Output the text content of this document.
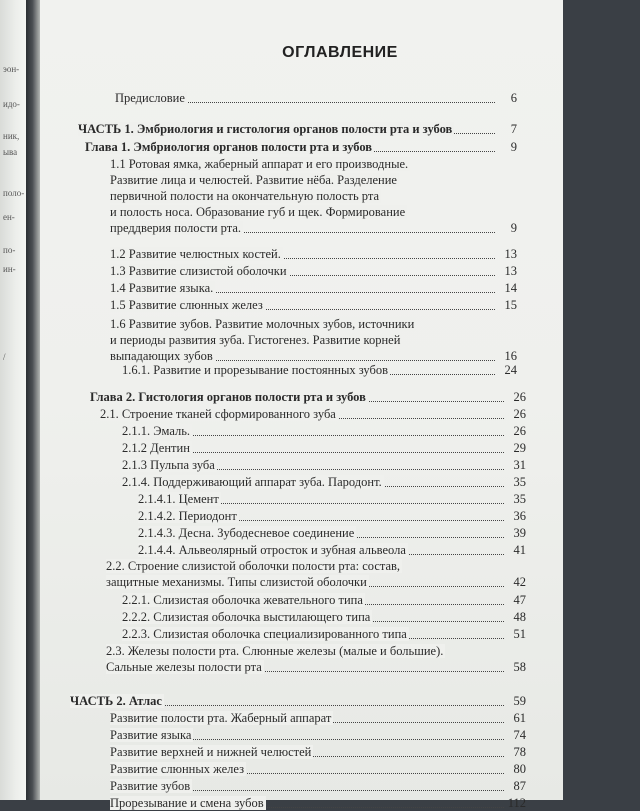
эон-
идо-
ник,
ыва
поло-
ен-
по-
ин-
/
ОГЛАВЛЕНИЕ
Предисловие	6
ЧАСТЬ 1. Эмбриология и гистология органов полости рта и зубов	7
Глава 1. Эмбриология органов полости рта и зубов	9
1.1 Ротовая ямка, жаберный аппарат и его производные.
Развитие лица и челюстей. Развитие нёба. Разделение
первичной полости на окончательную полость рта
и полость носа. Образование губ и щек. Формирование
преддверия полости рта.	9
1.2 Развитие челюстных костей.	13
1.3 Развитие слизистой оболочки	13
1.4 Развитие языка.	14
1.5 Развитие слюнных желез	15
1.6 Развитие зубов. Развитие молочных зубов, источники
и периоды развития зуба. Гистогенез. Развитие корней
выпадающих зубов	16
1.6.1. Развитие и прорезывание постоянных зубов	24
Глава 2. Гистология органов полости рта и зубов	26
2.1. Строение тканей сформированного зуба	26
2.1.1. Эмаль.	26
2.1.2 Дентин	29
2.1.3 Пульпа зуба	31
2.1.4. Поддерживающий аппарат зуба. Пародонт.	35
2.1.4.1. Цемент	35
2.1.4.2. Периодонт	36
2.1.4.3. Десна. Зубодесневое соединение	39
2.1.4.4. Альвеолярный отросток и зубная альвеола	41
2.2. Строение слизистой оболочки полости рта: состав,
защитные механизмы. Типы слизистой оболочки	42
2.2.1. Слизистая оболочка жевательного типа	47
2.2.2. Слизистая оболочка выстилающего типа	48
2.2.3. Слизистая оболочка специализированного типа	51
2.3. Железы полости рта. Слюнные железы (малые и большие).
Сальные железы полости рта	58
ЧАСТЬ 2. Атлас	59
Развитие полости рта. Жаберный аппарат	61
Развитие языка	74
Развитие верхней и нижней челюстей	78
Развитие слюнных желез	80
Развитие зубов	87
Прорезывание и смена зубов	112
